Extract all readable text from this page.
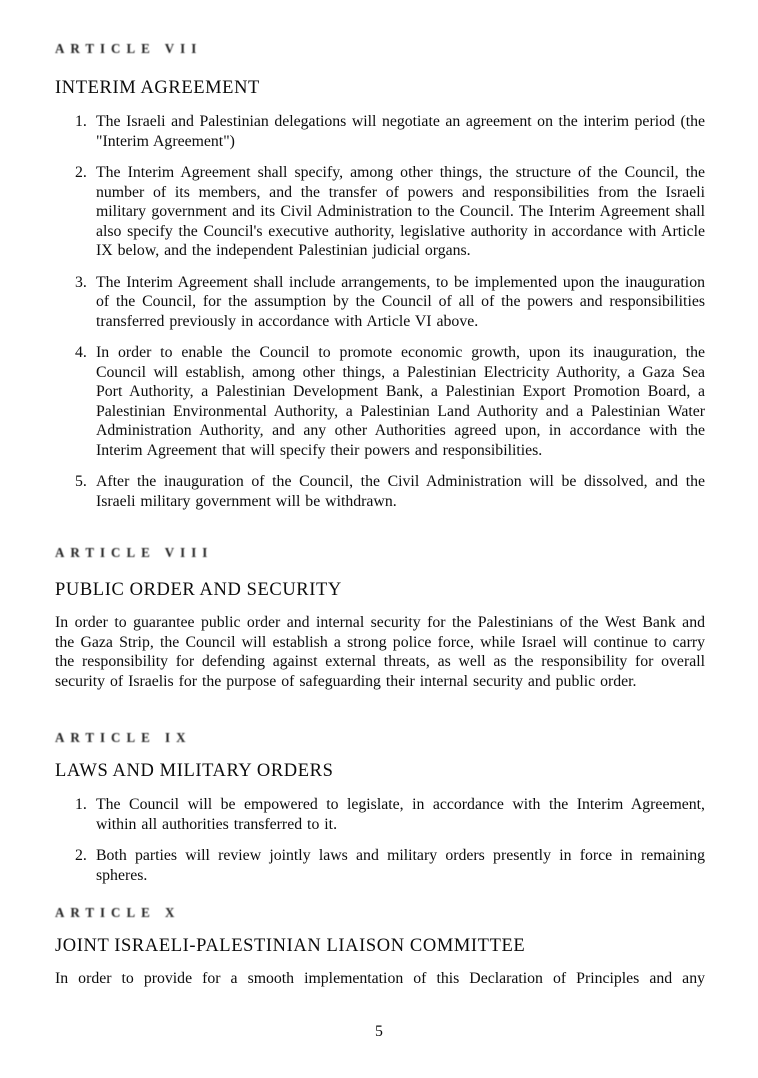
ARTICLE VII
INTERIM AGREEMENT
1. The Israeli and Palestinian delegations will negotiate an agreement on the interim period (the "Interim Agreement")
2. The Interim Agreement shall specify, among other things, the structure of the Council, the number of its members, and the transfer of powers and responsibilities from the Israeli military government and its Civil Administration to the Council. The Interim Agreement shall also specify the Council's executive authority, legislative authority in accordance with Article IX below, and the independent Palestinian judicial organs.
3. The Interim Agreement shall include arrangements, to be implemented upon the inauguration of the Council, for the assumption by the Council of all of the powers and responsibilities transferred previously in accordance with Article VI above.
4. In order to enable the Council to promote economic growth, upon its inauguration, the Council will establish, among other things, a Palestinian Electricity Authority, a Gaza Sea Port Authority, a Palestinian Development Bank, a Palestinian Export Promotion Board, a Palestinian Environmental Authority, a Palestinian Land Authority and a Palestinian Water Administration Authority, and any other Authorities agreed upon, in accordance with the Interim Agreement that will specify their powers and responsibilities.
5. After the inauguration of the Council, the Civil Administration will be dissolved, and the Israeli military government will be withdrawn.
ARTICLE VIII
PUBLIC ORDER AND SECURITY
In order to guarantee public order and internal security for the Palestinians of the West Bank and the Gaza Strip, the Council will establish a strong police force, while Israel will continue to carry the responsibility for defending against external threats, as well as the responsibility for overall security of Israelis for the purpose of safeguarding their internal security and public order.
ARTICLE IX
LAWS AND MILITARY ORDERS
1. The Council will be empowered to legislate, in accordance with the Interim Agreement, within all authorities transferred to it.
2. Both parties will review jointly laws and military orders presently in force in remaining spheres.
ARTICLE X
JOINT ISRAELI-PALESTINIAN LIAISON COMMITTEE
In order to provide for a smooth implementation of this Declaration of Principles and any
5
